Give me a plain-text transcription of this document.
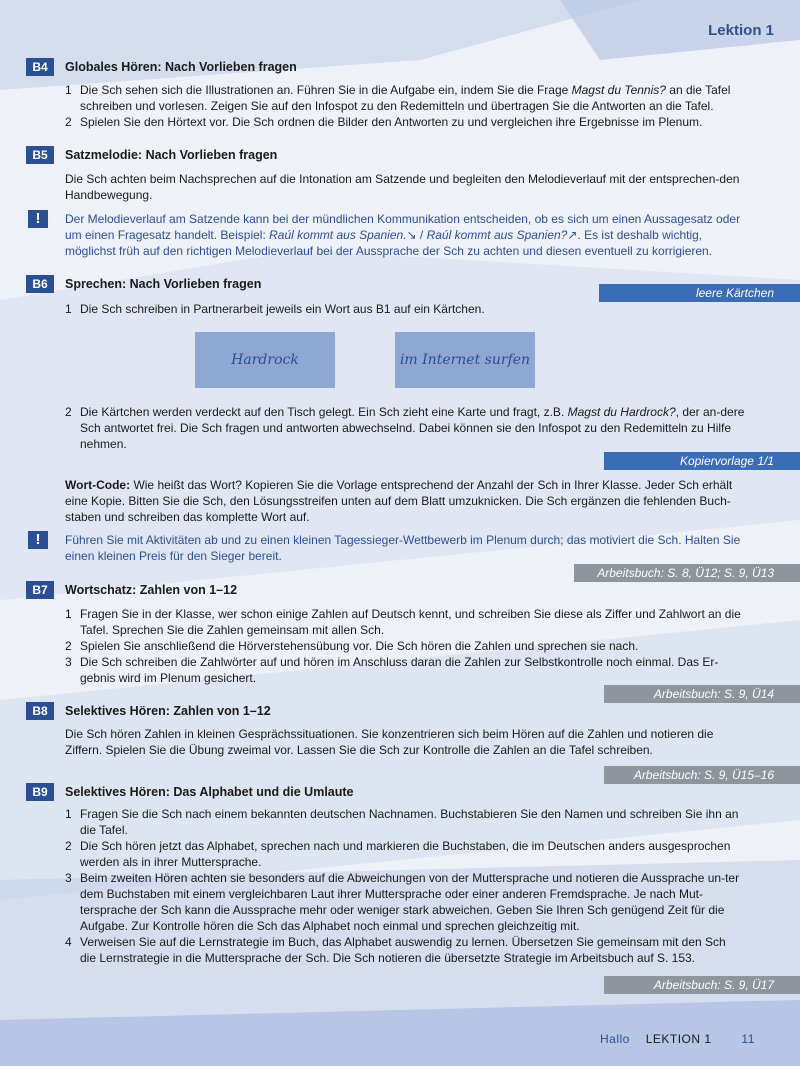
Lektion 1
B4	Globales Hören: Nach Vorlieben fragen
1 Die Sch sehen sich die Illustrationen an. Führen Sie in die Aufgabe ein, indem Sie die Frage Magst du Tennis? an die Tafel schreiben und vorlesen. Zeigen Sie auf den Infospot zu den Redemitteln und übertragen Sie die Antworten an die Tafel.
2 Spielen Sie den Hörtext vor. Die Sch ordnen die Bilder den Antworten zu und vergleichen ihre Ergebnisse im Plenum.
B5	Satzmelodie: Nach Vorlieben fragen
Die Sch achten beim Nachsprechen auf die Intonation am Satzende und begleiten den Melodieverlauf mit der entsprechen-den Handbewegung.
!	Der Melodieverlauf am Satzende kann bei der mündlichen Kommunikation entscheiden, ob es sich um einen Aussagesatz oder um einen Fragesatz handelt. Beispiel: Raúl kommt aus Spanien.↘ / Raúl kommt aus Spanien?↗. Es ist deshalb wichtig, möglichst früh auf den richtigen Melodieverlauf bei der Aussprache der Sch zu achten und diesen eventuell zu korrigieren.
B6	Sprechen: Nach Vorlieben fragen
leere Kärtchen
1 Die Sch schreiben in Partnerarbeit jeweils ein Wort aus B1 auf ein Kärtchen.
Hardrock	im Internet surfen
2 Die Kärtchen werden verdeckt auf den Tisch gelegt. Ein Sch zieht eine Karte und fragt, z.B. Magst du Hardrock?, der an-dere Sch antwortet frei. Die Sch fragen und antworten abwechselnd. Dabei können sie den Infospot zu den Redemitteln zu Hilfe nehmen.
Kopiervorlage 1/1
Wort-Code: Wie heißt das Wort? Kopieren Sie die Vorlage entsprechend der Anzahl der Sch in Ihrer Klasse. Jeder Sch erhält eine Kopie. Bitten Sie die Sch, den Lösungsstreifen unten auf dem Blatt umzuknicken. Die Sch ergänzen die fehlenden Buch-staben und schreiben das komplette Wort auf.
!	Führen Sie mit Aktivitäten ab und zu einen kleinen Tagessieger-Wettbewerb im Plenum durch; das motiviert die Sch. Halten Sie einen kleinen Preis für den Sieger bereit.
Arbeitsbuch: S. 8, Ü12; S. 9, Ü13
B7	Wortschatz: Zahlen von 1–12
1 Fragen Sie in der Klasse, wer schon einige Zahlen auf Deutsch kennt, und schreiben Sie diese als Ziffer und Zahlwort an die Tafel. Sprechen Sie die Zahlen gemeinsam mit allen Sch.
2 Spielen Sie anschließend die Hörverstehensübung vor. Die Sch hören die Zahlen und sprechen sie nach.
3 Die Sch schreiben die Zahlwörter auf und hören im Anschluss daran die Zahlen zur Selbstkontrolle noch einmal. Das Er-gebnis wird im Plenum gesichert.
Arbeitsbuch: S. 9, Ü14
B8	Selektives Hören: Zahlen von 1–12
Die Sch hören Zahlen in kleinen Gesprächssituationen. Sie konzentrieren sich beim Hören auf die Zahlen und notieren die Ziffern. Spielen Sie die Übung zweimal vor. Lassen Sie die Sch zur Kontrolle die Zahlen an die Tafel schreiben.
Arbeitsbuch: S. 9, Ü15–16
B9	Selektives Hören: Das Alphabet und die Umlaute
1 Fragen Sie die Sch nach einem bekannten deutschen Nachnamen. Buchstabieren Sie den Namen und schreiben Sie ihn an die Tafel.
2 Die Sch hören jetzt das Alphabet, sprechen nach und markieren die Buchstaben, die im Deutschen anders ausgesprochen werden als in ihrer Muttersprache.
3 Beim zweiten Hören achten sie besonders auf die Abweichungen von der Muttersprache und notieren die Aussprache un-ter dem Buchstaben mit einem vergleichbaren Laut ihrer Muttersprache oder einer anderen Fremdsprache. Je nach Mut-tersprache der Sch kann die Aussprache mehr oder weniger stark abweichen. Geben Sie Ihren Sch genügend Zeit für die Aufgabe. Zur Kontrolle hören die Sch das Alphabet noch einmal und sprechen gleichzeitig mit.
4 Verweisen Sie auf die Lernstrategie im Buch, das Alphabet auswendig zu lernen. Übersetzen Sie gemeinsam mit den Sch die Lernstrategie in die Muttersprache der Sch. Die Sch notieren die übersetzte Strategie im Arbeitsbuch auf S. 153.
Arbeitsbuch: S. 9, Ü17
Hallo LEKTION 1 11
